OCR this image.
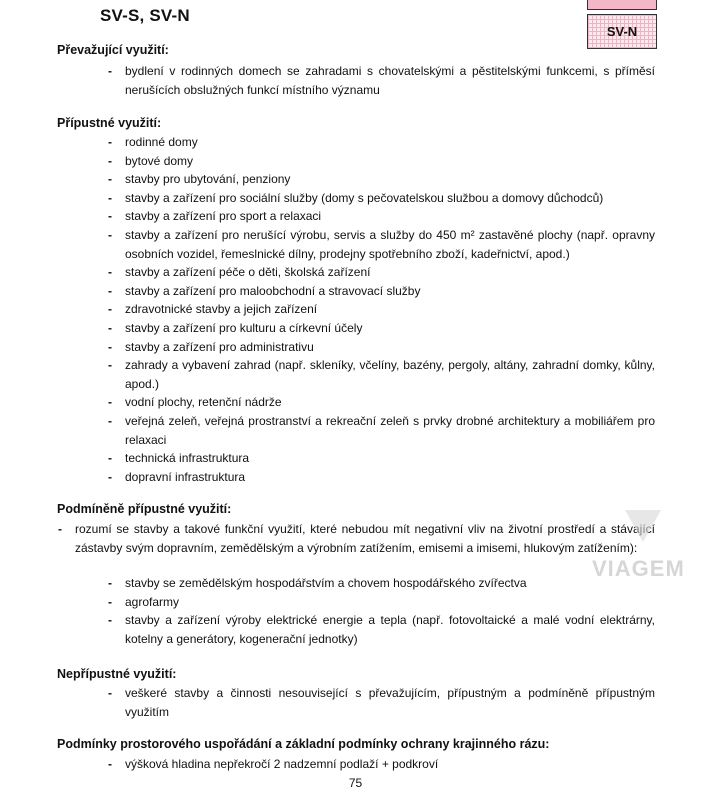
SV-S, SV-N
SV-N
Převažující využití:
- bydlení v rodinných domech se zahradami s chovatelskými a pěstitelskými funkcemi, s příměsí nerušících obslužných funkcí místního významu
Přípustné využití:
- rodinné domy
- bytové domy
- stavby pro ubytování, penziony
- stavby a zařízení pro sociální služby (domy s pečovatelskou službou a domovy důchodců)
- stavby a zařízení pro sport a relaxaci
- stavby a zařízení pro nerušící výrobu, servis a služby do 450 m² zastavěné plochy (např. opravny osobních vozidel, řemeslnické dílny, prodejny spotřebního zboží, kadeřnictví, apod.)
- stavby a zařízení péče o děti, školská zařízení
- stavby a zařízení pro maloobchodní a stravovací služby
- zdravotnické stavby a jejich zařízení
- stavby a zařízení pro kulturu a církevní účely
- stavby a zařízení pro administrativu
- zahrady a vybavení zahrad (např. skleníky, včelíny, bazény, pergoly, altány, zahradní domky, kůlny, apod.)
- vodní plochy, retenční nádrže
- veřejná zeleň, veřejná prostranství a rekreační zeleň s prvky drobné architektury a mobiliářem pro relaxaci
- technická infrastruktura
- dopravní infrastruktura
Podmíněně přípustné využití:
- rozumí se stavby a takové funkční využití, které nebudou mít negativní vliv na životní prostředí a stávající zástavby svým dopravním, zemědělským a výrobním zatížením, emisemi a imisemi, hlukovým zatížením):
- stavby se zemědělským hospodářstvím a chovem hospodářského zvířectva
- agrofarmy
- stavby a zařízení výroby elektrické energie a tepla (např. fotovoltaické a malé vodní elektrárny, kotelny a generátory, kogenerační jednotky)
Nepřípustné využití:
- veškeré stavby a činnosti nesouvisející s převažujícím, přípustným a podmíněně přípustným využitím
Podmínky prostorového uspořádání a základní podmínky ochrany krajinného rázu:
- výšková hladina nepřekročí 2 nadzemní podlaží + podkroví
VIAGEM
75
